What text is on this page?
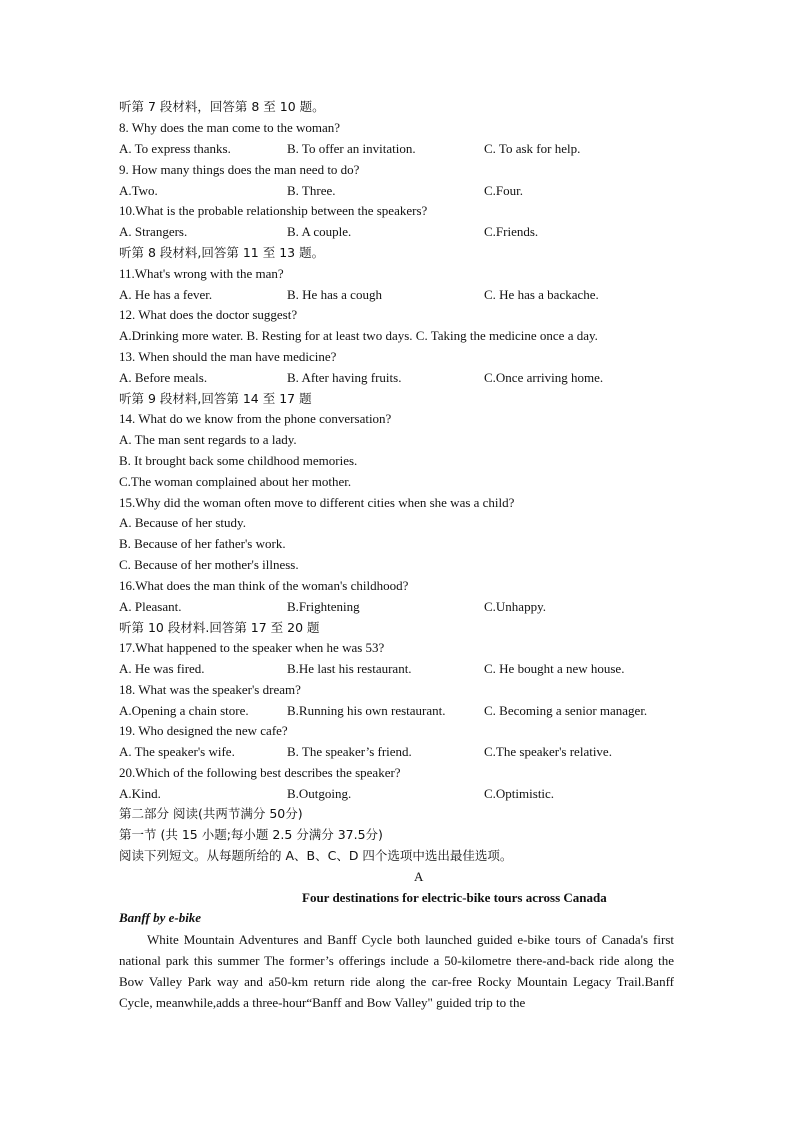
听第 7 段材料，回答第 8 至 10 题。
8. Why does the man come to the woman?
A. To express thanks.	B. To offer an invitation.	C. To ask for help.
9. How many things does the man need to do?
A.Two.	B. Three.	C.Four.
10.What is the probable relationship between the speakers?
A. Strangers.	B. A couple.	C.Friends.
听第 8 段材料,回答第 11 至 13 题。
11.What's wrong with the man?
A. He has a fever.	B. He has a cough	C. He has a backache.
12. What does the doctor suggest?
A.Drinking more water. B. Resting for at least two days. C. Taking the medicine once a day.
13. When should the man have medicine?
A. Before meals.	B. After having fruits.	C.Once arriving home.
听第 9 段材料,回答第 14 至 17 题
14. What do we know from the phone conversation?
A. The man sent regards to a lady.
B. It brought back some childhood memories.
C.The woman complained about her mother.
15.Why did the woman often move to different cities when she was a child?
A. Because of her study.
B. Because of her father's work.
C. Because of her mother's illness.
16.What does the man think of the woman's childhood?
A. Pleasant.	B.Frightening	C.Unhappy.
听第 10 段材料.回答第 17 至 20 题
17.What happened to the speaker when he was 53?
A. He was fired.	B.He last his restaurant.	C. He bought a new house.
18. What was the speaker's dream?
A.Opening a chain store.	B.Running his own restaurant.	C. Becoming a senior manager.
19. Who designed the new cafe?
A. The speaker's wife.	B. The speaker’s friend.	C.The speaker's relative.
20.Which of the following best describes the speaker?
A.Kind.	B.Outgoing.	C.Optimistic.
第二部分 阅读(共两节满分 50分)
第一节 (共 15 小题;每小题 2.5 分满分 37.5分)
阅读下列短文。从每题所给的 A、B、C、D 四个选项中选出最佳选项。
A
Four destinations for electric-bike tours across Canada
Banff by e-bike
White Mountain Adventures and Banff Cycle both launched guided e-bike tours of Canada's first national park this summer The former’s offerings include a 50-kilometre there-and-back ride along the Bow Valley Park way and a50-km return ride along the car-free Rocky Mountain Legacy Trail.Banff Cycle, meanwhile,adds a three-hour“Banff and Bow Valley" guided trip to the
